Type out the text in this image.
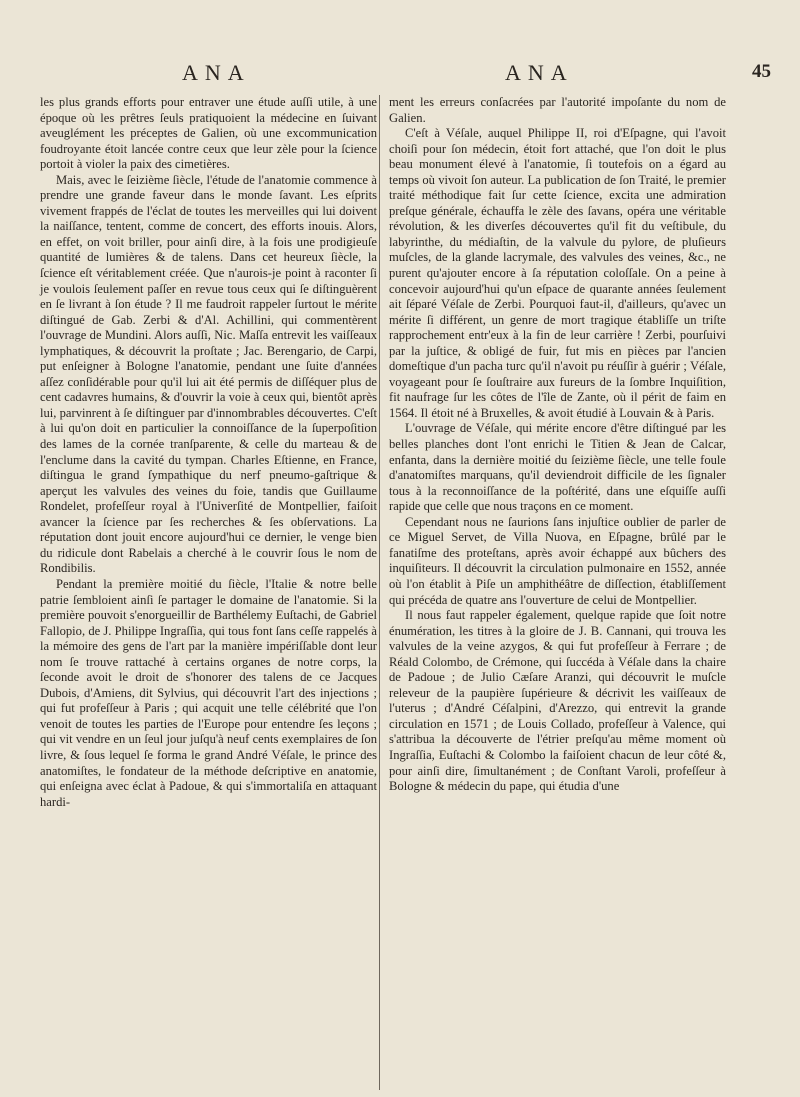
ANA	ANA	45

les plus grands efforts pour entraver une étude auſſi utile, à une époque où les prêtres ſeuls pratiquoient la médecine en ſuivant aveuglément les préceptes de Galien, où une excommunication foudroyante étoit lancée contre ceux que leur zèle pour la ſcience portoit à violer la paix des cimetières.

Mais, avec le ſeizième ſiècle, l'étude de l'anatomie commence à prendre une grande faveur dans le monde ſavant. Les eſprits vivement frappés de l'éclat de toutes les merveilles qui lui doivent la naiſſance, tentent, comme de concert, des efforts inouis. Alors, en effet, on voit briller, pour ainſi dire, à la fois une prodigieuſe quantité de lumières & de talens. Dans cet heureux ſiècle, la ſcience eſt véritablement créée. Que n'aurois-je point à raconter ſi je voulois ſeulement paſſer en revue tous ceux qui ſe diſtinguèrent en ſe livrant à ſon étude ? Il me faudroit rappeler ſurtout le mérite diſtingué de Gab. Zerbi & d'Al. Achillini, qui commentèrent l'ouvrage de Mundini. Alors auſſi, Nic. Maſſa entrevit les vaiſſeaux lymphatiques, & découvrit la proſtate ; Jac. Berengario, de Carpi, put enſeigner à Bologne l'anatomie, pendant une ſuite d'années aſſez conſidérable pour qu'il lui ait été permis de diſſéquer plus de cent cadavres humains, & d'ouvrir la voie à ceux qui, bientôt après lui, parvinrent à ſe diſtinguer par d'innombrables découvertes. C'eſt à lui qu'on doit en particulier la connoiſſance de la ſuperpoſition des lames de la cornée tranſparente, & celle du marteau & de l'enclume dans la cavité du tympan. Charles Eſtienne, en France, diſtingua le grand ſympathique du nerf pneumo-gaſtrique & aperçut les valvules des veines du foie, tandis que Guillaume Rondelet, profeſſeur royal à l'Univerſité de Montpellier, faiſoit avancer la ſcience par ſes recherches & ſes obſervations. La réputation dont jouit encore aujourd'hui ce dernier, le venge bien du ridicule dont Rabelais a cherché à le couvrir ſous le nom de Rondibilis.

Pendant la première moitié du ſiècle, l'Italie & notre belle patrie ſembloient ainſi ſe partager le domaine de l'anatomie. Si la première pouvoit s'enorgueillir de Barthélemy Euſtachi, de Gabriel Fallopio, de J. Philippe Ingraſſia, qui tous font ſans ceſſe rappelés à la mémoire des gens de l'art par la manière impériſſable dont leur nom ſe trouve rattaché à certains organes de notre corps, la ſeconde avoit le droit de s'honorer des talens de ce Jacques Dubois, d'Amiens, dit Sylvius, qui découvrit l'art des injections ; qui fut profeſſeur à Paris ; qui acquit une telle célébrité que l'on venoit de toutes les parties de l'Europe pour entendre ſes leçons ; qui vit vendre en un ſeul jour juſqu'à neuf cents exemplaires de ſon livre, & ſous lequel ſe forma le grand André Véſale, le prince des anatomiſtes, le fondateur de la méthode deſcriptive en anatomie, qui enſeigna avec éclat à Padoue, & qui s'immortaliſa en attaquant hardi-

ment les erreurs conſacrées par l'autorité impoſante du nom de Galien.

C'eſt à Véſale, auquel Philippe II, roi d'Eſpagne, qui l'avoit choiſi pour ſon médecin, étoit fort attaché, que l'on doit le plus beau monument élevé à l'anatomie, ſi toutefois on a égard au temps où vivoit ſon auteur. La publication de ſon Traité, le premier traité méthodique fait ſur cette ſcience, excita une admiration preſque générale, échauffa le zèle des ſavans, opéra une véritable révolution, & les diverſes découvertes qu'il fit du veſtibule, du labyrinthe, du médiaſtin, de la valvule du pylore, de pluſieurs muſcles, de la glande lacrymale, des valvules des veines, &c., ne purent qu'ajouter encore à ſa réputation coloſſale. On a peine à concevoir aujourd'hui qu'un eſpace de quarante années ſeulement ait ſéparé Véſale de Zerbi. Pourquoi faut-il, d'ailleurs, qu'avec un mérite ſi différent, un genre de mort tragique établiſſe un triſte rapprochement entr'eux à la fin de leur carrière ! Zerbi, pourſuivi par la juſtice, & obligé de fuir, fut mis en pièces par l'ancien domeſtique d'un pacha turc qu'il n'avoit pu réuſſir à guérir ; Véſale, voyageant pour ſe ſouſtraire aux fureurs de la ſombre Inquiſition, fit naufrage ſur les côtes de l'île de Zante, où il périt de faim en 1564. Il étoit né à Bruxelles, & avoit étudié à Louvain & à Paris.

L'ouvrage de Véſale, qui mérite encore d'être diſtingué par les belles planches dont l'ont enrichi le Titien & Jean de Calcar, enfanta, dans la dernière moitié du ſeizième ſiècle, une telle foule d'anatomiſtes marquans, qu'il deviendroit difficile de les ſignaler tous à la reconnoiſſance de la poſtérité, dans une eſquiſſe auſſi rapide que celle que nous traçons en ce moment.

Cependant nous ne ſaurions ſans injuſtice oublier de parler de ce Miguel Servet, de Villa Nuova, en Eſpagne, brûlé par le fanatiſme des proteſtans, après avoir échappé aux bûchers des inquiſiteurs. Il découvrit la circulation pulmonaire en 1552, année où l'on établit à Piſe un amphithéâtre de diſſection, établiſſement qui précéda de quatre ans l'ouverture de celui de Montpellier.

Il nous faut rappeler également, quelque rapide que ſoit notre énumération, les titres à la gloire de J. B. Cannani, qui trouva les valvules de la veine azygos, & qui fut profeſſeur à Ferrare ; de Réald Colombo, de Crémone, qui ſuccéda à Véſale dans la chaire de Padoue ; de Julio Cæſare Aranzi, qui découvrit le muſcle releveur de la paupière ſupérieure & décrivit les vaiſſeaux de l'uterus ; d'André Céſalpini, d'Arezzo, qui entrevit la grande circulation en 1571 ; de Louis Collado, profeſſeur à Valence, qui s'attribua la découverte de l'étrier preſqu'au même moment où Ingraſſia, Euſtachi & Colombo la faiſoient chacun de leur côté &, pour ainſi dire, ſimultanément ; de Conſtant Varoli, profeſſeur à Bologne & médecin du pape, qui étudia d'une
